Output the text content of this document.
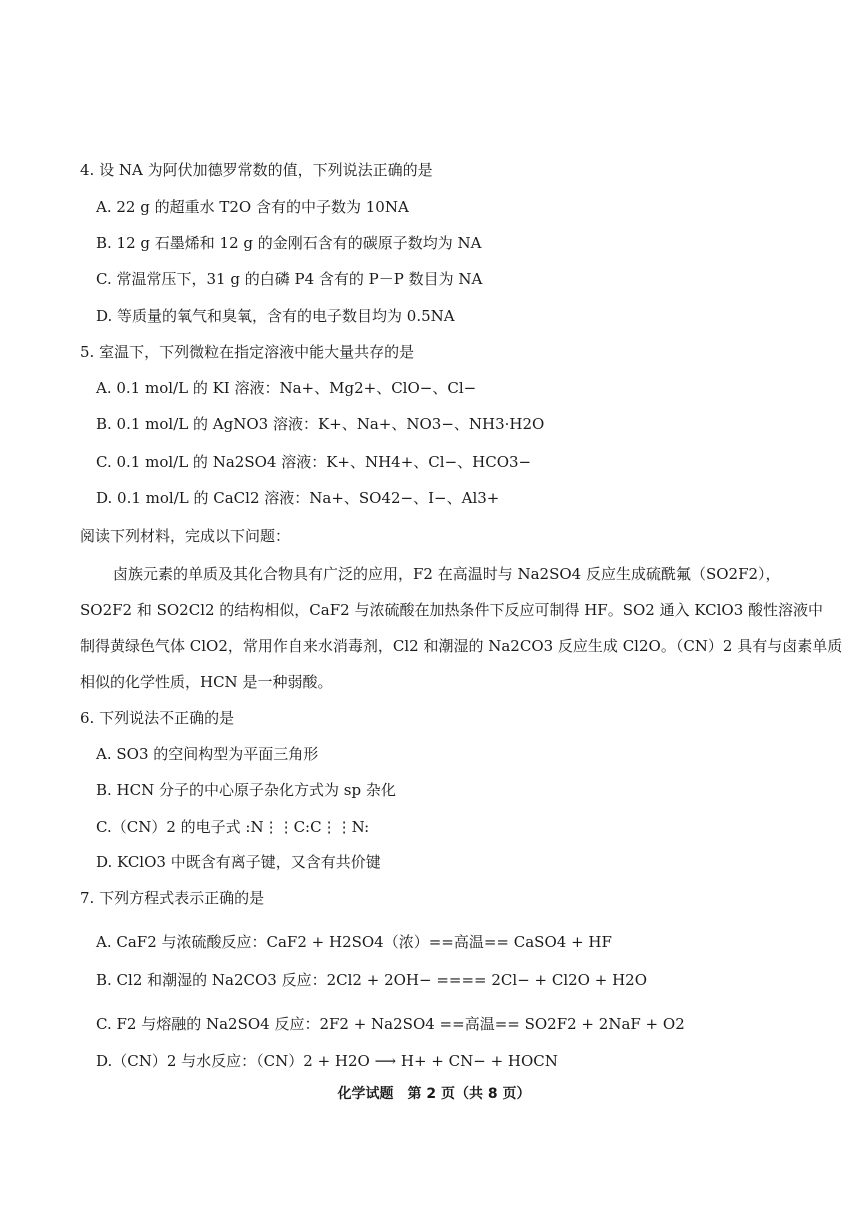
4. 设 NA 为阿伏加德罗常数的值，下列说法正确的是
A. 22 g 的超重水 T2O 含有的中子数为 10NA
B. 12 g 石墨烯和 12 g 的金刚石含有的碳原子数均为 NA
C. 常温常压下，31 g 的白磷 P4 含有的 P－P 数目为 NA
D. 等质量的氧气和臭氧，含有的电子数目均为 0.5NA
5. 室温下，下列微粒在指定溶液中能大量共存的是
A. 0.1 mol/L 的 KI 溶液：Na+、Mg2+、ClO−、Cl−
B. 0.1 mol/L 的 AgNO3 溶液：K+、Na+、NO3−、NH3·H2O
C. 0.1 mol/L 的 Na2SO4 溶液：K+、NH4+、Cl−、HCO3−
D. 0.1 mol/L 的 CaCl2 溶液：Na+、SO42−、I−、Al3+
阅读下列材料，完成以下问题：
卤族元素的单质及其化合物具有广泛的应用，F2 在高温时与 Na2SO4 反应生成硫酰氟（SO2F2），
SO2F2 和 SO2Cl2 的结构相似，CaF2 与浓硫酸在加热条件下反应可制得 HF。SO2 通入 KClO3 酸性溶液中
制得黄绿色气体 ClO2，常用作自来水消毒剂，Cl2 和潮湿的 Na2CO3 反应生成 Cl2O。（CN）2 具有与卤素单质
相似的化学性质，HCN 是一种弱酸。
6. 下列说法不正确的是
A. SO3 的空间构型为平面三角形
B. HCN 分子的中心原子杂化方式为 sp 杂化
C.（CN）2 的电子式 :N⋮⋮C:C⋮⋮N:
D. KClO3 中既含有离子键，又含有共价键
7. 下列方程式表示正确的是
A. CaF2 与浓硫酸反应：CaF2 + H2SO4（浓）==高温== CaSO4 + HF
B. Cl2 和潮湿的 Na2CO3 反应：2Cl2 + 2OH− ==== 2Cl− + Cl2O + H2O
C. F2 与熔融的 Na2SO4 反应：2F2 + Na2SO4 ==高温== SO2F2 + 2NaF + O2
D.（CN）2 与水反应：（CN）2 + H2O ⟶ H+ + CN− + HOCN
化学试题　第 2 页（共 8 页）
